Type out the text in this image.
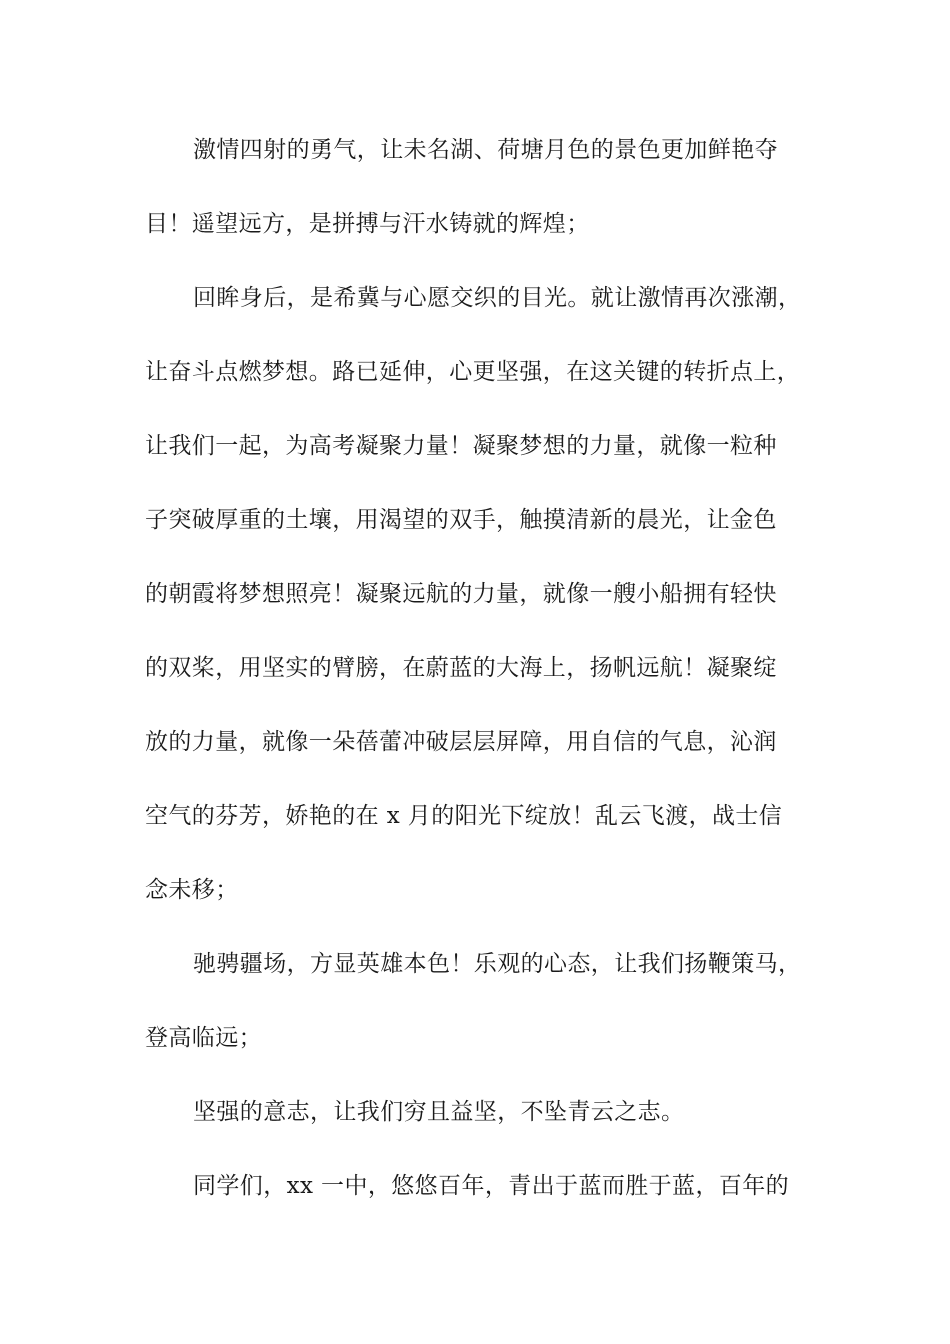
激情四射的勇气，让未名湖、荷塘月色的景色更加鲜艳夺
目！遥望远方，是拼搏与汗水铸就的辉煌；
回眸身后，是希冀与心愿交织的目光。就让激情再次涨潮，
让奋斗点燃梦想。路已延伸，心更坚强，在这关键的转折点上，
让我们一起，为高考凝聚力量！凝聚梦想的力量，就像一粒种
子突破厚重的土壤，用渴望的双手，触摸清新的晨光，让金色
的朝霞将梦想照亮！凝聚远航的力量，就像一艘小船拥有轻快
的双桨，用坚实的臂膀，在蔚蓝的大海上，扬帆远航！凝聚绽
放的力量，就像一朵蓓蕾冲破层层屏障，用自信的气息，沁润
空气的芬芳，娇艳的在 x 月的阳光下绽放！乱云飞渡，战士信
念未移；
驰骋疆场，方显英雄本色！乐观的心态，让我们扬鞭策马，
登高临远；
坚强的意志，让我们穷且益坚，不坠青云之志。
同学们，xx 一中，悠悠百年，青出于蓝而胜于蓝，百年的
